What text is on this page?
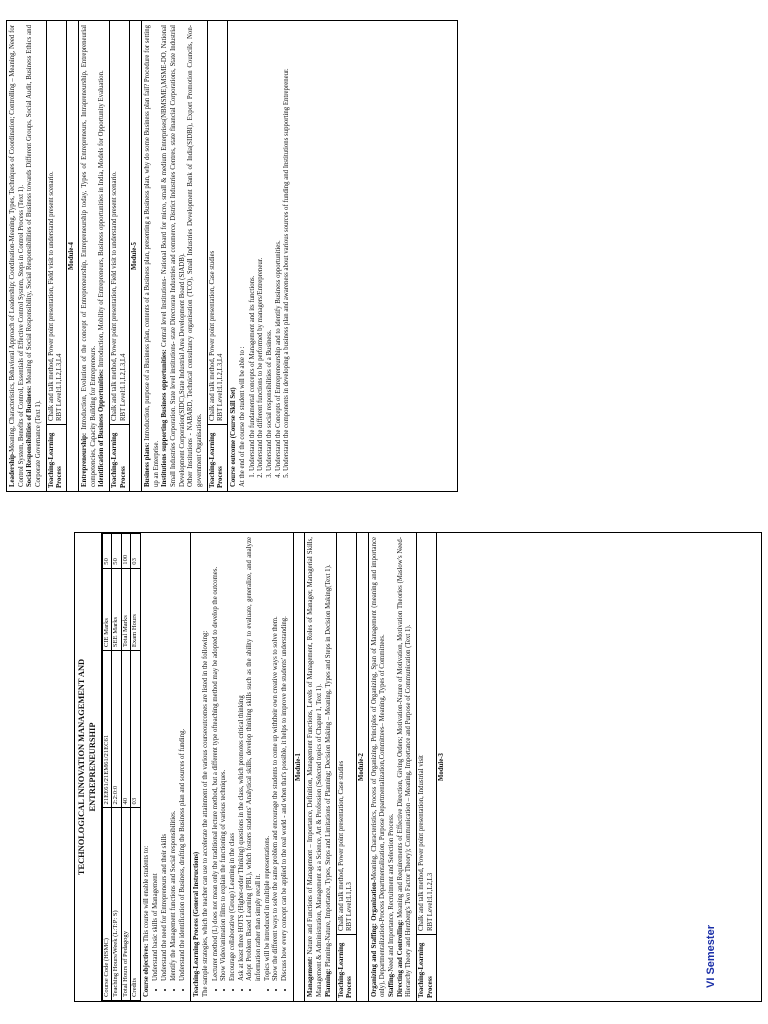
VI Semester
TECHNOLOGICAL INNOVATION MANAGEMENT AND ENTREPRENEURSHIP
Course Code (HSMC)	21EE61/21EM61/21EC61	CIE Marks	50
Teaching Hours/Week (L:T:P: S)	2:2:0:0	SEE Marks	50
Total Hours of Pedagogy	40	Total Marks	100
Credits	03	Exam Hours	03
Course objectives: This course will enable students to: • Understand basic skills of Management • Understand the need for Entrepreneurs and their skills • Identify the Management functions and Social responsibilities. • Understand the identification of Business, drafting the Business plan and sources of funding. Teaching-Learning Process (General Instructions) The sample strategies, which the teacher can use to accelerate the attainment of the various courseoutcomes are listed in the following: • Lecturer method (L) does not mean only the traditional lecture method, but a different type ofteaching method may be adopted to develop the outcomes. • Show Video/animation films to explain the functioning of various techniques. • Encourage collaborative (Group) Learning in the class • Ask at least three HOTS (Higher-order Thinking) questions in the class, which promotes critical thinking • Adopt Problem Based Learning (PBL), which fosters students' Analytical skills, develop thinking skills such as the ability to evaluate, generalize, and analyze information rather than simply recall it. • Topics will be introduced in multiple representations. • Show the different ways to solve the same problem and encourage the students to come up withtheir own creative ways to solve them. • Discuss how every concept can be applied to the real world - and when that's possible, it helps to improve the students' understanding. Module-1
Management: Nature and Functions of Management – Importance, Definition, Management Functions, Levels of Management, Roles of Manager, Managerial Skills, Management & Administration, Management as a Science, Art & Profession (Selected topics of Chapter 1, Text 1). Planning: Planning-Nature, Importance, Types, Steps and Limitations of Planning; Decision Making – Meaning, Types and Steps in Decision Making(Text 1).
Teaching-Learning Process	
Chalk and talk method, Power point presentation, Case studies RBT Level:L1,L3
Module-2
Organizing and Staffing: Organization-Meaning, Characteristics, Process of Organizing, Principles of Organizing, Span of Management (meaning and importance only), Departmentalization-Process Departmentalization, Purpose Departmentalization,Committees– Meaning, Types of Committees. Staffing-Need and Importance, Recruitment and Selection Process. Directing and Controlling: Meaning and Requirements of Effective Direction, Giving Orders; Motivation-Nature of Motivation, Motivation Theories (Maslow's Need-Hierarchy Theory and Herzberg's Two Factor Theory); Communication – Meaning, Importance and Purpose of Communication (Text 1). Teaching-Learning Process	
Chalk and talk method, Power point presentation, Industrial visit RBT Level:L1,L2,L3
Module-3
Leadership-Meaning, Characteristics, Behavioral Approach of Leadership; Coordination-Meaning, Types, Techniques of Coordination; Controlling – Meaning, Need for Control System, Benefits of Control, Essentials of Effective Control System, Steps in Control Process (Text 1). Social Responsibilities of Business: Meaning of Social Responsibility, Social Responsibilities of Business towards Different Groups, Social Audit, Business Ethics and Corporate Governance (Text 1). Teaching-Learning Process	
Chalk and talk method, Power point presentation, Field visit to understand present scenario. RBT Level:L1,L2,L3,L4
Module-4
Entrepreneurship: Introduction, Evolution of the concept of Entrepreneurship, Entrepreneurship today, Types of Entrepreneurs, Intrapreneurship, Entrepreneurial competencies, Capacity Building for Entrepreneurs. Identification of Business Opportunities: Introduction, Mobility of Entrepreneurs, Business opportunities in India, Models for Opportunity Evaluation.
Teaching-Learning Process	
Chalk and talk method, Power point presentation, Field visit to understand present scenario. RBT Level:L1,L2,L3,L4
Module-5
Business plans: Introduction, purpose of a Business plan, contents of a Business plan, presenting a Business plan, why do some Business plan fail? Procedure for setting up an Enterprise. Institutions supporting Business opportunities: Central level Institutions- National Board for micro, small & medium Enterprises(NBMSME),MSME-DO, National Small Industries Corporation. State level institutions- state Directorate Industries and commerce, District Industries Centres, state financial Corporations, State Industrial Development Corporation(SIDC),State Industrial Area Development Board (SIADB). Other Institutions - NABARD, Technical consultancy organisation (TCO), Small Industries Development Bank of India(SIDBI), Export Promotion Councils, Non-government Organisations. Teaching-Learning Process	
Chalk and talk method, Power point presentation, Case studies RBT Level:L1,L2,L3,L4
Course outcome (Course Skill Set) At the end of the course the student will be able to : 1. Understand the fundamental concepts of Management and its functions. 2. Understand the different functions to be performed by managers/Entrepreneur. 3. Understand the social responsibilities of a Business. 4. Understand the Concepts of Entrepreneurship and to identify Business opportunities. 5. Understand the components in developing a business plan and awareness about various sources of funding and Institutions supporting Entrepreneur.
